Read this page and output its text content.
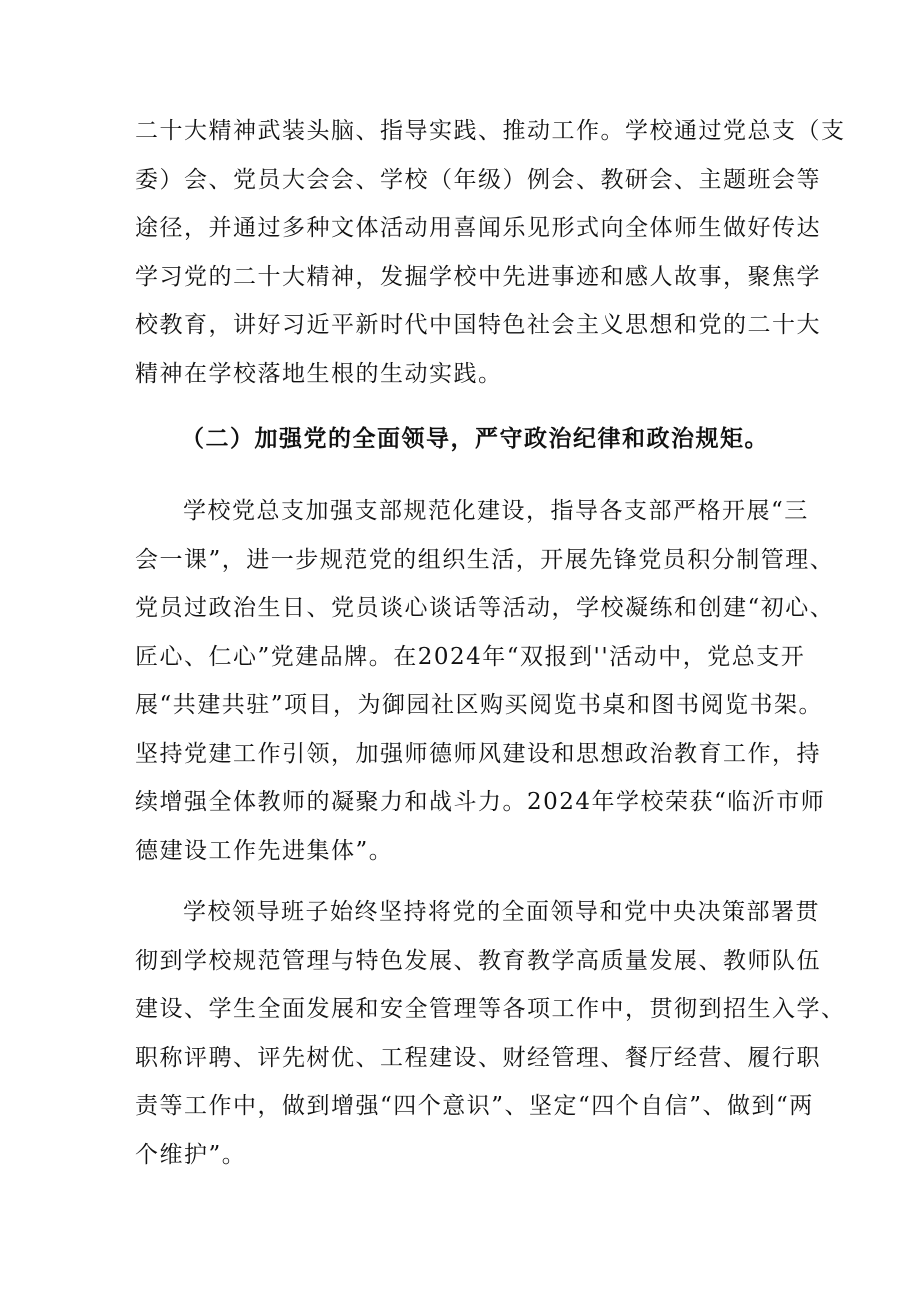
二十大精神武装头脑、指导实践、推动工作。学校通过党总支（支
委）会、党员大会会、学校（年级）例会、教研会、主题班会等
途径，并通过多种文体活动用喜闻乐见形式向全体师生做好传达
学习党的二十大精神，发掘学校中先进事迹和感人故事，聚焦学
校教育，讲好习近平新时代中国特色社会主义思想和党的二十大
精神在学校落地生根的生动实践。
（二）加强党的全面领导，严守政治纪律和政治规矩。
学校党总支加强支部规范化建设，指导各支部严格开展“三
会一课”，进一步规范党的组织生活，开展先锋党员积分制管理、
党员过政治生日、党员谈心谈话等活动，学校凝练和创建“初心、
匠心、仁心”党建品牌。在2024年“双报到''活动中，党总支开
展“共建共驻”项目，为御园社区购买阅览书桌和图书阅览书架。
坚持党建工作引领，加强师德师风建设和思想政治教育工作，持
续增强全体教师的凝聚力和战斗力。2024年学校荣获“临沂市师
德建设工作先进集体”。
学校领导班子始终坚持将党的全面领导和党中央决策部署贯
彻到学校规范管理与特色发展、教育教学高质量发展、教师队伍
建设、学生全面发展和安全管理等各项工作中，贯彻到招生入学、
职称评聘、评先树优、工程建设、财经管理、餐厅经营、履行职
责等工作中，做到增强“四个意识”、坚定“四个自信”、做到“两
个维护”。
